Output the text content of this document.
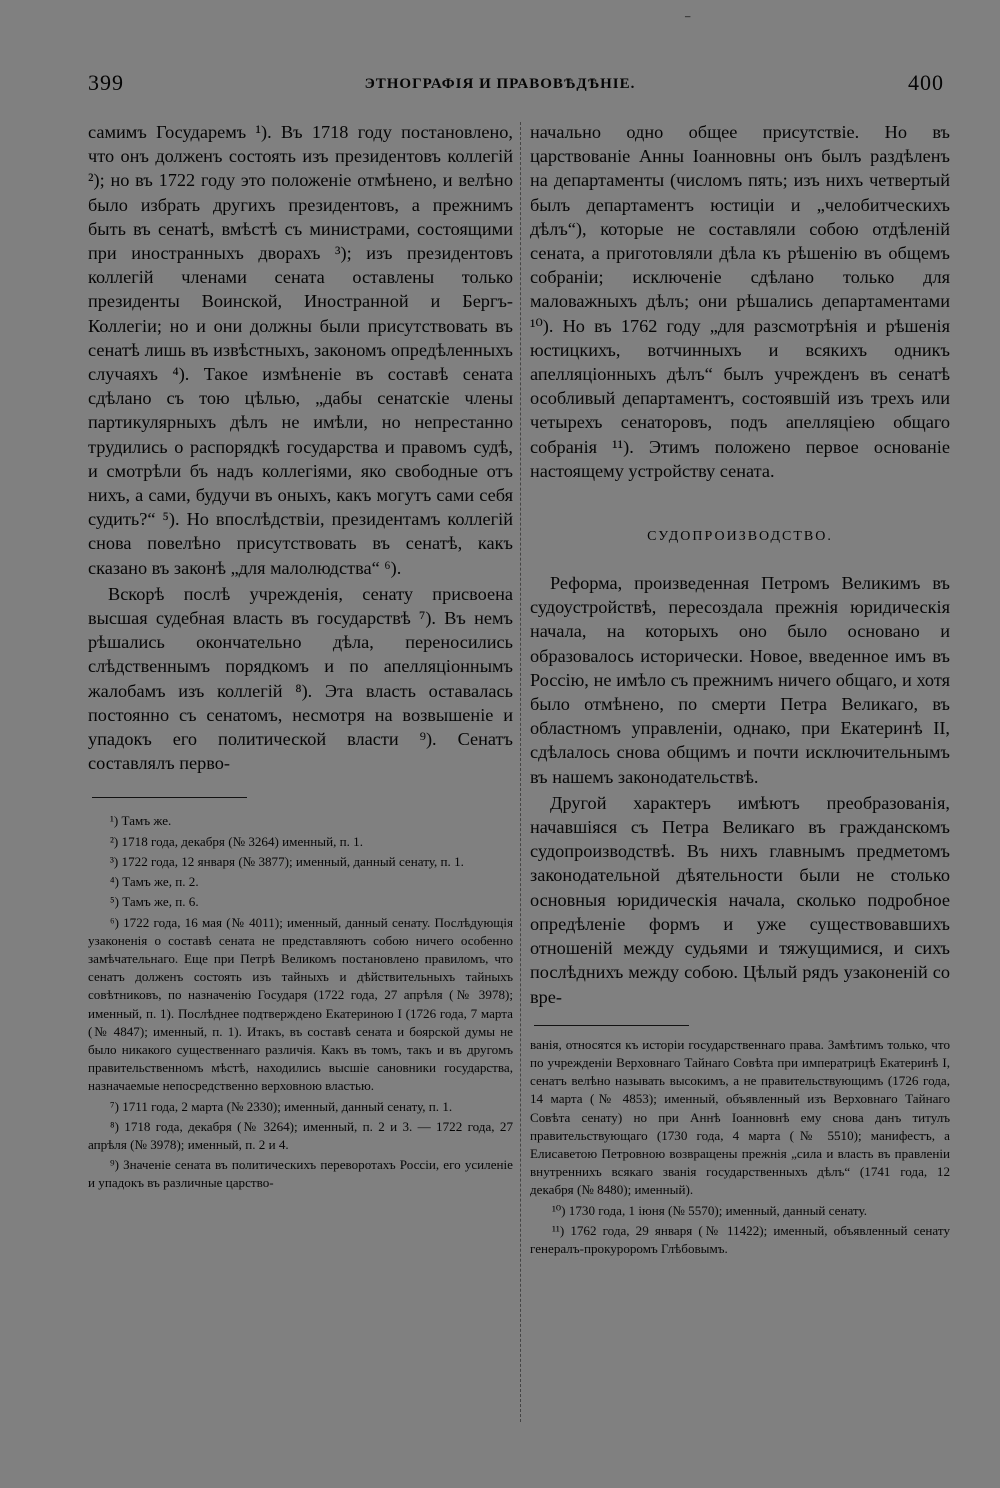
⁻
399	ЭТНОГРАФІЯ И ПРАВОВѢДѢНІЕ.	400

самимъ Государемъ ¹). Въ 1718 году постановлено, что онъ долженъ состоять изъ президентовъ коллегій ²); но въ 1722 году это положеніе отмѣнено, и велѣно было избрать другихъ президентовъ, а прежнимъ быть въ сенатѣ, вмѣстѣ съ министрами, состоящими при иностранныхъ дворахъ ³); изъ президентовъ коллегій членами сената оставлены только президенты Воинской, Иностранной и Бергъ-Коллегіи; но и они должны были присутствовать въ сенатѣ лишь въ извѣстныхъ, закономъ опредѣленныхъ случаяхъ ⁴). Такое измѣненіе въ составѣ сената сдѣлано съ тою цѣлью, „дабы сенатскіе члены партикулярныхъ дѣлъ не имѣли, но непрестанно трудились о распорядкѣ государства и правомъ судѣ, и смотрѣли бъ надъ коллегіями, яко свободные отъ нихъ, а сами, будучи въ оныхъ, какъ могутъ сами себя судить?“ ⁵). Но впослѣдствіи, президентамъ коллегій снова повелѣно присутствовать въ сенатѣ, какъ сказано въ законѣ „для малолюдства“ ⁶).

Вскорѣ послѣ учрежденія, сенату присвоена высшая судебная власть въ государствѣ ⁷). Въ немъ рѣшались окончательно дѣла, переносились слѣдственнымъ порядкомъ и по апелляціоннымъ жалобамъ изъ коллегій ⁸). Эта власть оставалась постоянно съ сенатомъ, несмотря на возвышеніе и упадокъ его политической власти ⁹). Сенатъ составлялъ перво-

¹) Тамъ же.

²) 1718 года, декабря (№ 3264) именный, п. 1.

³) 1722 года, 12 января (№ 3877); именный, данный сенату, п. 1.

⁴) Тамъ же, п. 2.

⁵) Тамъ же, п. 6.

⁶) 1722 года, 16 мая (№ 4011); именный, данный сенату. Послѣдующія узаконенія о составѣ сената не представляютъ собою ничего особенно замѣчательнаго. Еще при Петрѣ Великомъ постановлено правиломъ, что сенатъ долженъ состоять изъ тайныхъ и дѣйствительныхъ тайныхъ совѣтниковъ, по назначенію Государя (1722 года, 27 апрѣля (№ 3978); именный, п. 1). Послѣднее подтверждено Екатериною I (1726 года, 7 марта (№ 4847); именный, п. 1). Итакъ, въ составѣ сената и боярской думы не было никакого существеннаго различія. Какъ въ томъ, такъ и въ другомъ правительственномъ мѣстѣ, находились высшіе сановники государства, назначаемые непосредственно верховною властью.

⁷) 1711 года, 2 марта (№ 2330); именный, данный сенату, п. 1.

⁸) 1718 года, декабря (№ 3264); именный, п. 2 и 3. — 1722 года, 27 апрѣля (№ 3978); именный, п. 2 и 4.

⁹) Значеніе сената въ политическихъ переворотахъ Россіи, его усиленіе и упадокъ въ различные царство-

начально одно общее присутствіе. Но въ царствованіе Анны Іоанновны онъ былъ раздѣленъ на департаменты (числомъ пять; изъ нихъ четвертый былъ департаментъ юстиціи и „челобитческихъ дѣлъ“), которые не составляли собою отдѣленій сената, а приготовляли дѣла къ рѣшенію въ общемъ собраніи; исключеніе сдѣлано только для маловажныхъ дѣлъ; они рѣшались департаментами ¹⁰). Но въ 1762 году „для разсмотрѣнія и рѣшенія юстицкихъ, вотчинныхъ и всякихъ одникъ апелляціонныхъ дѣлъ“ былъ учрежденъ въ сенатѣ особливый департаментъ, состоявшій изъ трехъ или четырехъ сенаторовъ, подъ апелляціею общаго собранія ¹¹). Этимъ положено первое основаніе настоящему устройству сената.

СУДОПРОИЗВОДСТВО.

Реформа, произведенная Петромъ Великимъ въ судоустройствѣ, пересоздала прежнія юридическія начала, на которыхъ оно было основано и образовалось исторически. Новое, введенное имъ въ Россію, не имѣло съ прежнимъ ничего общаго, и хотя было отмѣнено, по смерти Петра Великаго, въ областномъ управленіи, однако, при Екатеринѣ II, сдѣлалось снова общимъ и почти исключительнымъ въ нашемъ законодательствѣ.

Другой характеръ имѣютъ преобразованія, начавшіяся съ Петра Великаго въ гражданскомъ судопроизводствѣ. Въ нихъ главнымъ предметомъ законодательной дѣятельности были не столько основныя юридическія начала, сколько подробное опредѣленіе формъ и уже существовавшихъ отношеній между судьями и тяжущимися, и сихъ послѣднихъ между собою. Цѣлый рядъ узаконеній со вре-

ванія, относятся къ исторіи государственнаго права. Замѣтимъ только, что по учрежденіи Верховнаго Тайнаго Совѣта при императрицѣ Екатеринѣ I, сенатъ велѣно называть высокимъ, а не правительствующимъ (1726 года, 14 марта (№ 4853); именный, объявленный изъ Верховнаго Тайнаго Совѣта сенату) но при Аннѣ Іоанновнѣ ему снова данъ титулъ правительствующаго (1730 года, 4 марта (№ 5510); манифестъ, а Елисаветою Петровною возвращены прежнія „сила и власть въ правленіи внутреннихъ всякаго званія государственныхъ дѣлъ“ (1741 года, 12 декабря (№ 8480); именный).

¹⁰) 1730 года, 1 іюня (№ 5570); именный, данный сенату.

¹¹) 1762 года, 29 января (№ 11422); именный, объявленный сенату генералъ-прокуроромъ Глѣбовымъ.
